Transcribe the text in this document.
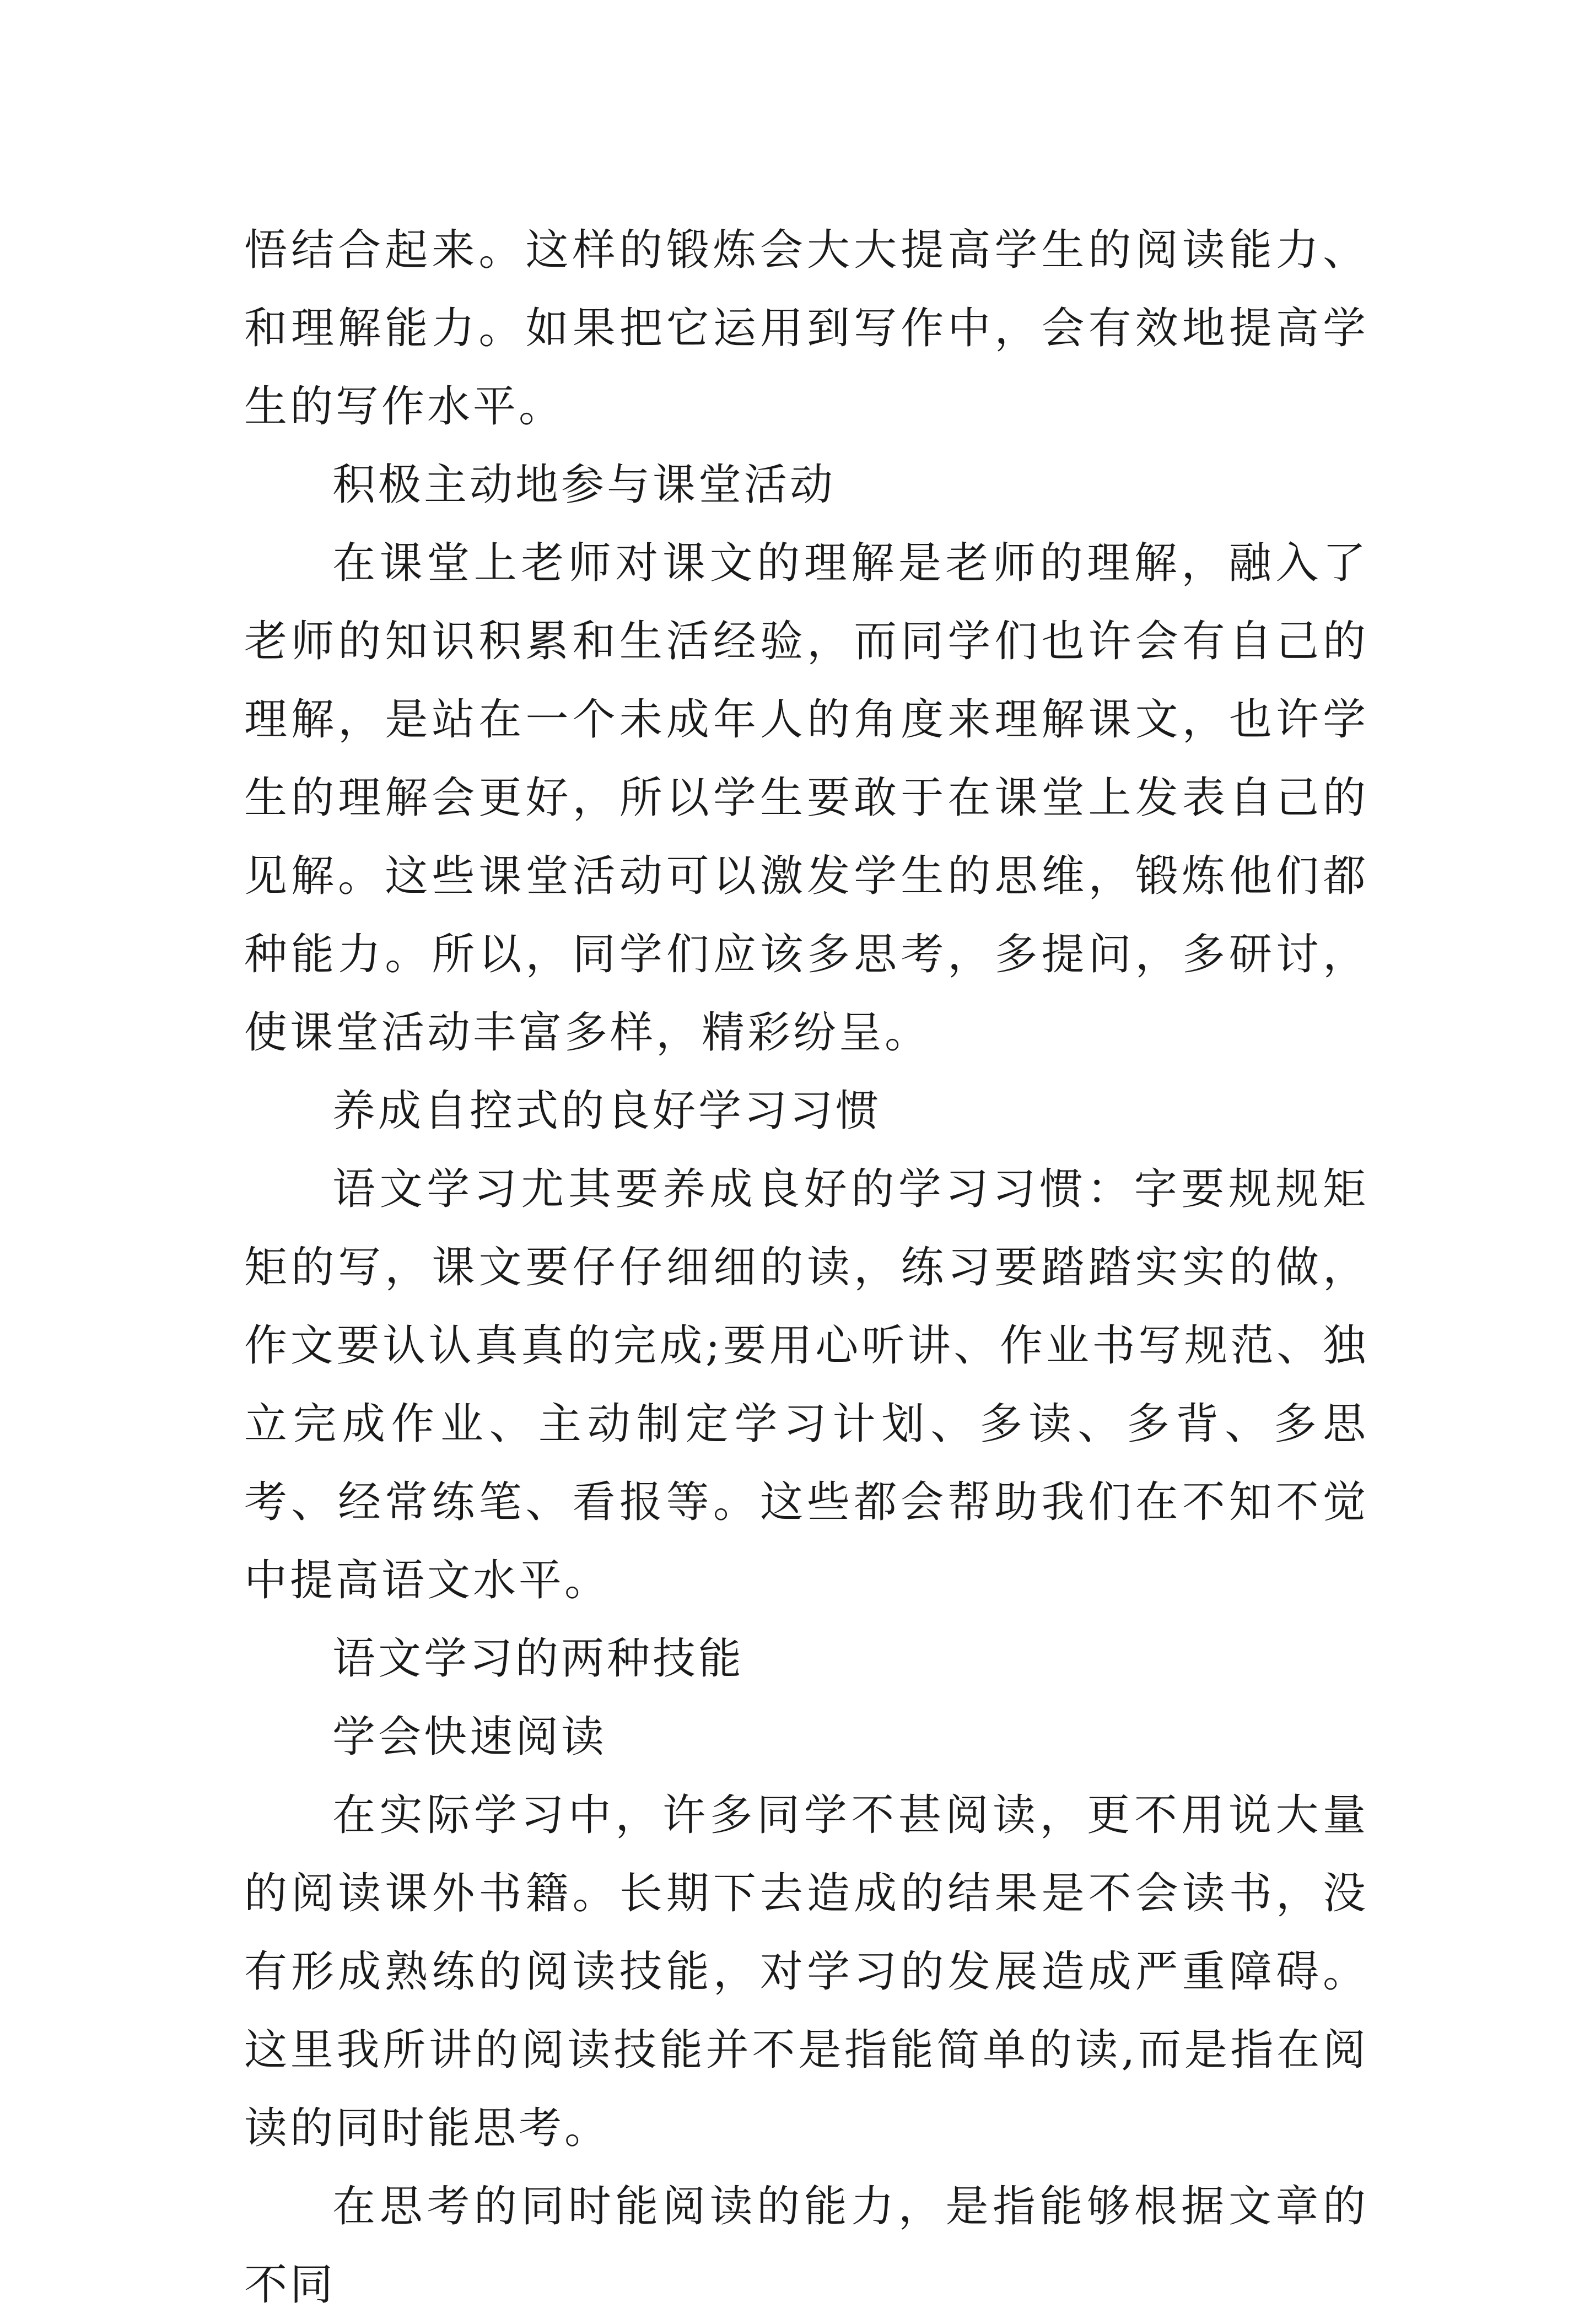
悟结合起来。这样的锻炼会大大提高学生的阅读能力、和理解能力。如果把它运用到写作中，会有效地提高学生的写作水平。

积极主动地参与课堂活动

在课堂上老师对课文的理解是老师的理解，融入了老师的知识积累和生活经验，而同学们也许会有自己的理解，是站在一个未成年人的角度来理解课文，也许学生的理解会更好，所以学生要敢于在课堂上发表自己的见解。这些课堂活动可以激发学生的思维，锻炼他们都种能力。所以，同学们应该多思考，多提问，多研讨，使课堂活动丰富多样，精彩纷呈。

养成自控式的良好学习习惯

语文学习尤其要养成良好的学习习惯：字要规规矩矩的写，课文要仔仔细细的读，练习要踏踏实实的做，作文要认认真真的完成;要用心听讲、作业书写规范、独立完成作业、主动制定学习计划、多读、多背、多思考、经常练笔、看报等。这些都会帮助我们在不知不觉中提高语文水平。

语文学习的两种技能

学会快速阅读

在实际学习中，许多同学不甚阅读，更不用说大量的阅读课外书籍。长期下去造成的结果是不会读书，没有形成熟练的阅读技能，对学习的发展造成严重障碍。这里我所讲的阅读技能并不是指能简单的读,而是指在阅读的同时能思考。

在思考的同时能阅读的能力，是指能够根据文章的不同
